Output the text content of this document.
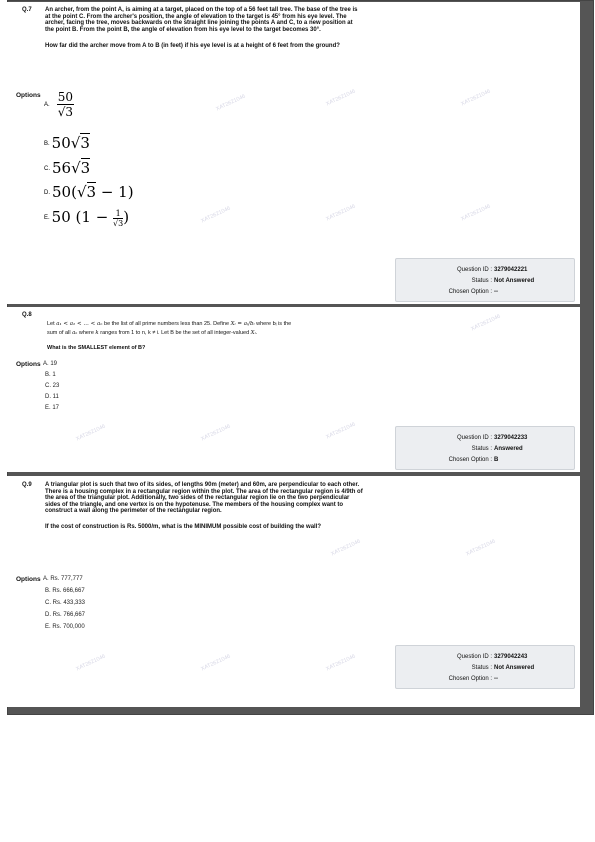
Q.7 An archer, from the point A, is aiming at a target, placed on the top of a 56 feet tall tree. The base of the tree is at the point C. From the archer's position, the angle of elevation to the target is 45° from his eye level. The archer, facing the tree, moves backwards on the straight line joining the points A and C, to a new position at the point B. From the point B, the angle of elevation from his eye level to the target becomes 30°.

How far did the archer move from A to B (in feet) if his eye level is at a height of 6 feet from the ground?

Options
A. $\frac{50}{√3}$
B. 50√3
C. 56√3
D. 50(√3 − 1)
E. 50 ($1 - \frac{1}{√3}$ )
Question ID : 3279042221
Status : Not Answered
Chosen Option : --
Q.8
Let a₁ < a₂ < … < aₙ be the list of all prime numbers less than 25. Define Xᵢ = aᵢ/bᵢ where bᵢ is the
sum of all aₖ where k ranges from 1 to n, k ≠ i. Let B be the set of all integer-valued Xᵢ.
What is the SMALLEST element of B?
Options A. 19
B. 1
C. 23
D. 11
E. 17
Question ID : 3279042233
Status : Answered
Chosen Option : B
Q.9 A triangular plot is such that two of its sides, of lengths 90m (meter) and 60m, are perpendicular to each other. There is a housing complex in a rectangular region within the plot. The area of the rectangular region is 4/9th of the area of the triangular plot. Additionally, two sides of the rectangular region lie on the two perpendicular sides of the triangle, and one vertex is on the hypotenuse. The members of the housing complex want to construct a wall along the perimeter of the rectangular region.

If the cost of construction is Rs. 5000/m, what is the MINIMUM possible cost of building the wall?

Options A. Rs. 777,777
B. Rs. 666,667
C. Rs. 433,333
D. Rs. 766,667
E. Rs. 700,000
Question ID : 3279042243
Status : Not Answered
Chosen Option : --
XAT2621046	XAT2621046	XAT2621046
XAT2621046	XAT2621046	XAT2621046
XAT2621046
XAT2621046	XAT2621046	XAT2621046
XAT2621046	XAT2621046
XAT2621046	XAT2621046	XAT2621046
